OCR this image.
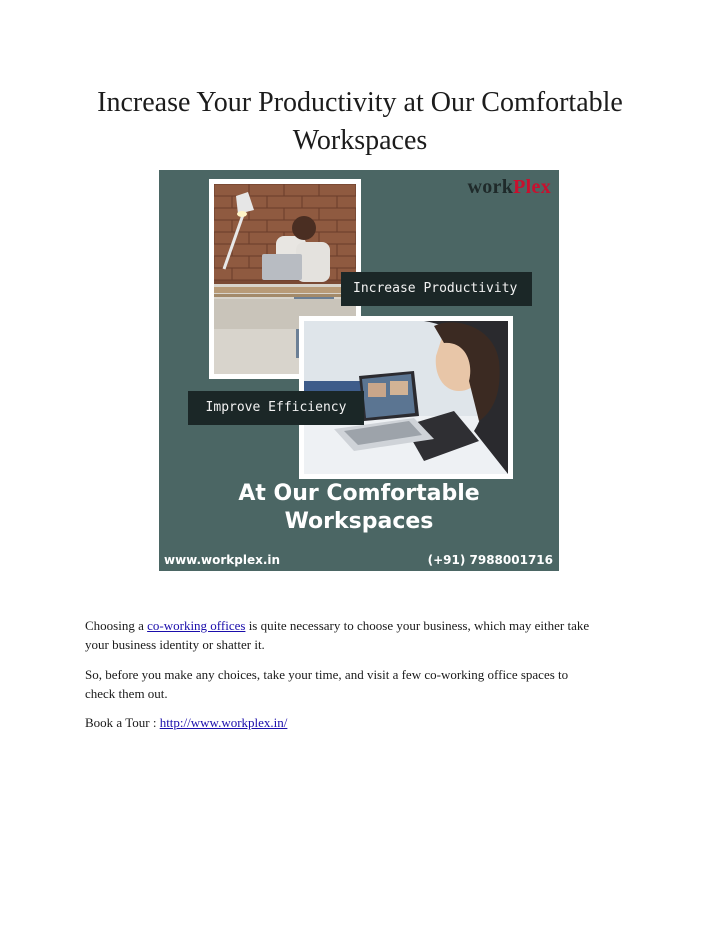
Increase Your Productivity at Our Comfortable
Workspaces
workPlex
Increase Productivity
Improve Efficiency
At Our Comfortable
Workspaces
www.workplex.in	(+91) 7988001716

Choosing a co-working offices is quite necessary to choose your business, which may either take
your business identity or shatter it.

So, before you make any choices, take your time, and visit a few co-working office spaces to
check them out.

Book a Tour : http://www.workplex.in/
